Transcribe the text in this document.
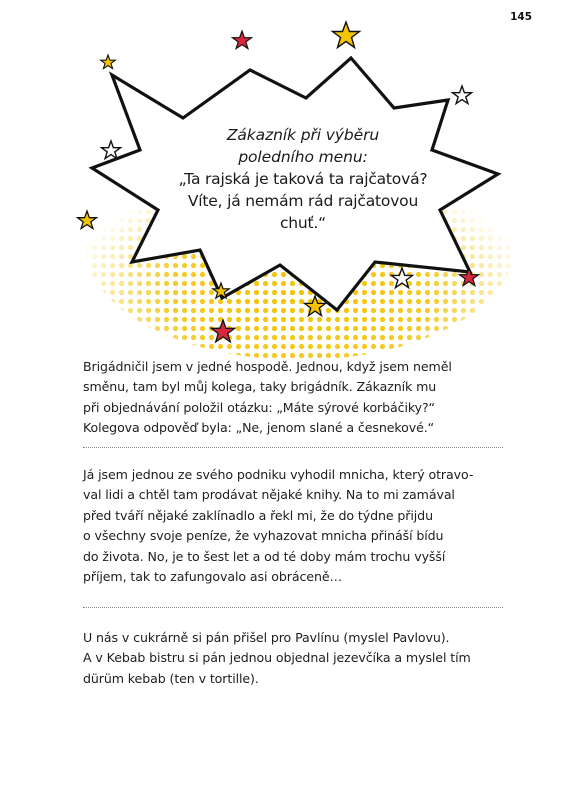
145
Zákazník při výběru
poledního menu:
„Ta rajská je taková ta rajčatová?
Víte, já nemám rád rajčatovou
chuť.“

Brigádničil jsem v jedné hospodě. Jednou, když jsem neměl

směnu, tam byl můj kolega, taky brigádník. Zákazník mu

při objednávání položil otázku: „Máte sýrové korbáčiky?“

Kolegova odpověď byla: „Ne, jenom slané a česnekové.“

Já jsem jednou ze svého podniku vyhodil mnicha, který otravo-

val lidi a chtěl tam prodávat nějaké knihy. Na to mi zamával

před tváří nějaké zaklínadlo a řekl mi, že do týdne přijdu

o všechny svoje peníze, že vyhazovat mnicha přináší bídu

do života. No, je to šest let a od té doby mám trochu vyšší

příjem, tak to zafungovalo asi obráceně…

U nás v cukrárně si pán přišel pro Pavlínu (myslel Pavlovu).

A v Kebab bistru si pán jednou objednal jezevčíka a myslel tím

dürüm kebab (ten v tortille).
